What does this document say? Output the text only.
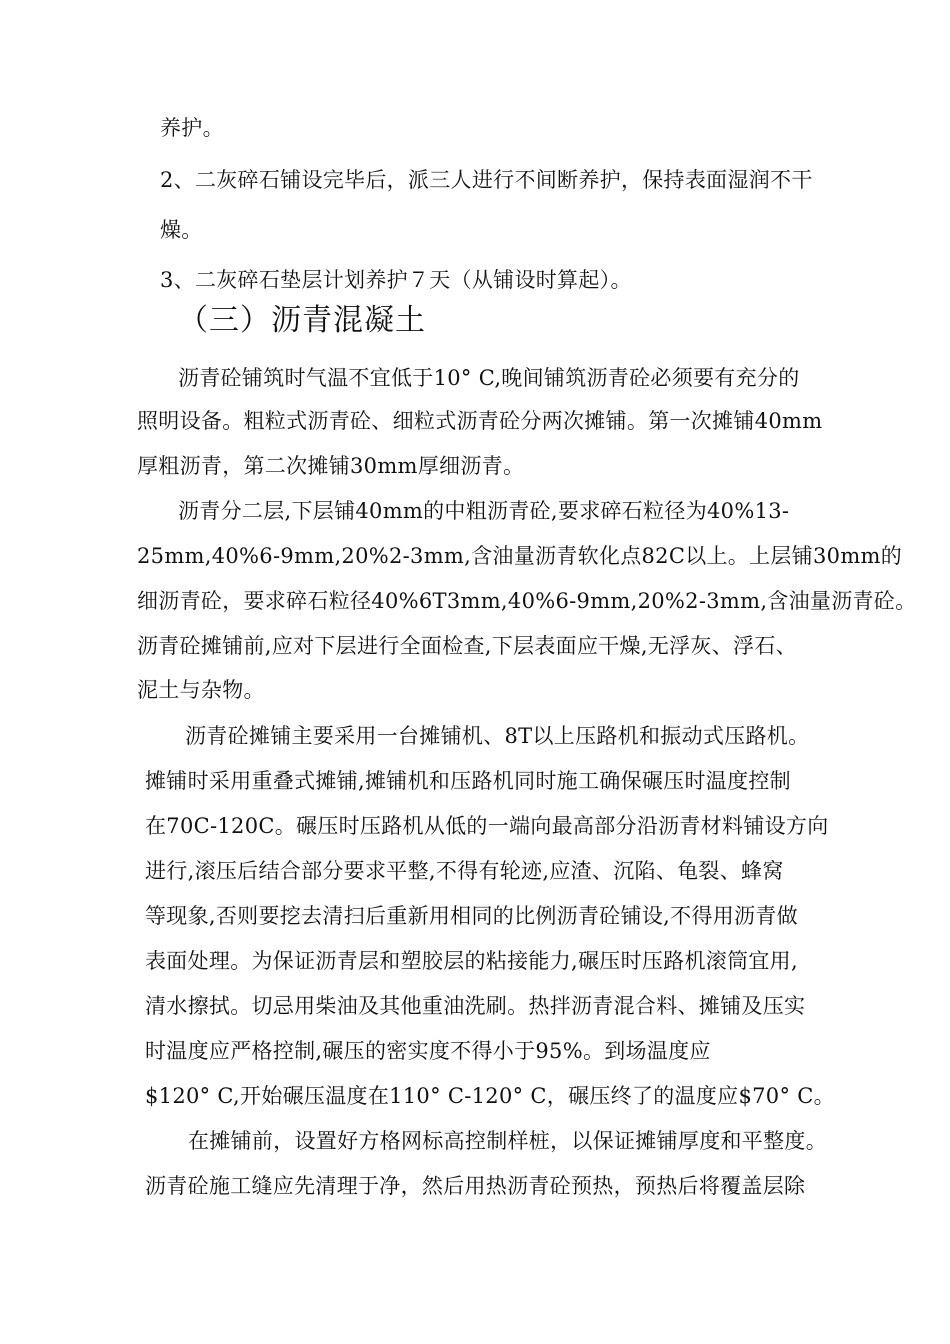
养护。
2、二灰碎石铺设完毕后，派三人进行不间断养护，保持表面湿润不干
燥。
3、二灰碎石垫层计划养护７天（从铺设时算起）。
（三）沥青混凝土
沥青砼铺筑时气温不宜低于10° C,晚间铺筑沥青砼必须要有充分的
照明设备。粗粒式沥青砼、细粒式沥青砼分两次摊铺。第一次摊铺40mm
厚粗沥青，第二次摊铺30mm厚细沥青。
沥青分二层,下层铺40mm的中粗沥青砼,要求碎石粒径为40%13-
25mm,40%6-9mm,20%2-3mm,含油量沥青软化点82C以上。上层铺30mm的
细沥青砼，要求碎石粒径40%6T3mm,40%6-9mm,20%2-3mm,含油量沥青砼。
沥青砼摊铺前,应对下层进行全面检查,下层表面应干燥,无浮灰、浮石、
泥土与杂物。
沥青砼摊铺主要采用一台摊铺机、8T以上压路机和振动式压路机。
摊铺时采用重叠式摊铺,摊铺机和压路机同时施工确保碾压时温度控制
在70C-120C。碾压时压路机从低的一端向最高部分沿沥青材料铺设方向
进行,滚压后结合部分要求平整,不得有轮迹,应渣、沉陷、龟裂、蜂窝
等现象,否则要挖去清扫后重新用相同的比例沥青砼铺设,不得用沥青做
表面处理。为保证沥青层和塑胶层的粘接能力,碾压时压路机滚筒宜用,
清水擦拭。切忌用柴油及其他重油洗刷。热拌沥青混合料、摊铺及压实
时温度应严格控制,碾压的密实度不得小于95%。到场温度应
$120° C,开始碾压温度在110° C-120° C，碾压终了的温度应$70° C。
在摊铺前，设置好方格网标高控制样桩，以保证摊铺厚度和平整度。
沥青砼施工缝应先清理于净，然后用热沥青砼预热，预热后将覆盖层除
